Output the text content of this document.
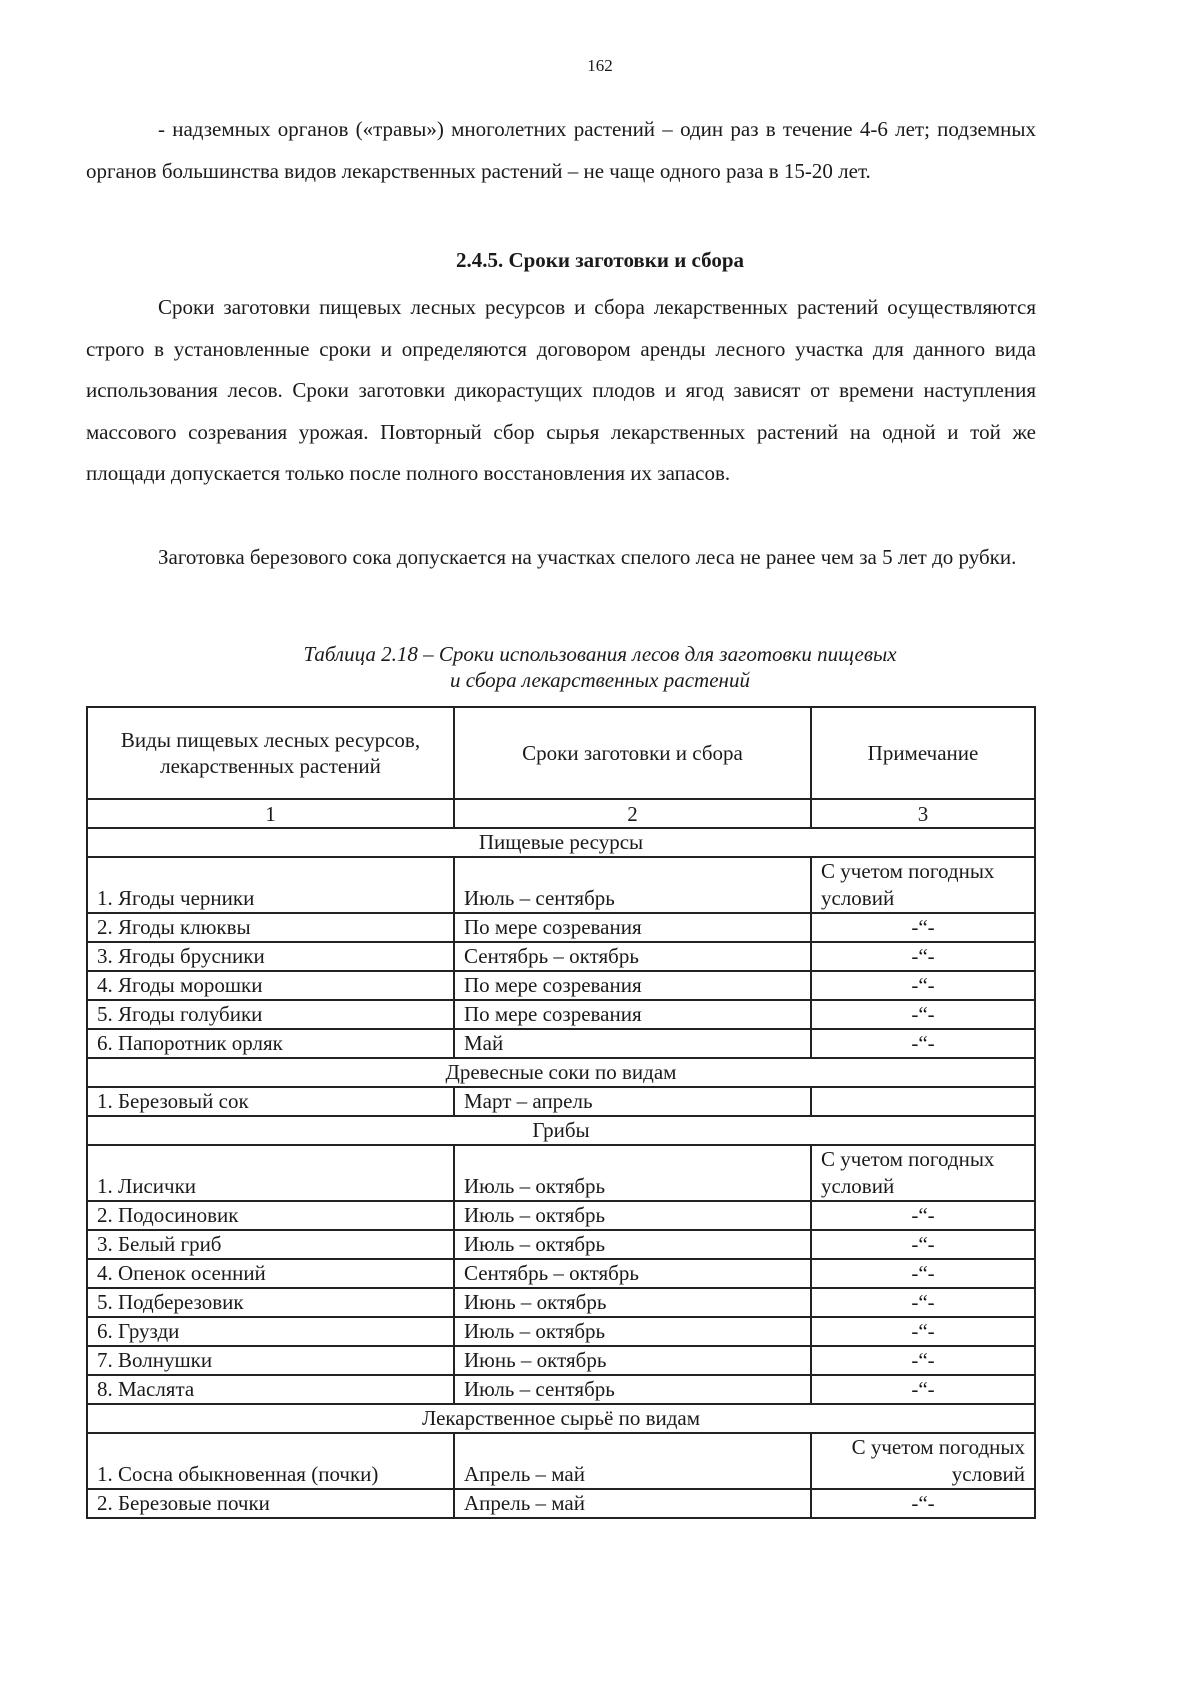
162

- надземных органов («травы») многолетних растений – один раз в течение 4-6 лет; подземных органов большинства видов лекарственных растений – не чаще одного раза в 15-20 лет.

2.4.5. Сроки заготовки и сбора

Сроки заготовки пищевых лесных ресурсов и сбора лекарственных растений осуществляются строго в установленные сроки и определяются договором аренды лесного участка для данного вида использования лесов. Сроки заготовки дикорастущих плодов и ягод зависят от времени наступления массового созревания урожая. Повторный сбор сырья лекарственных растений на одной и той же площади допускается только после полного восстановления их запасов.

Заготовка березового сока допускается на участках спелого леса не ранее чем за 5 лет до рубки.

Таблица 2.18 – Сроки использования лесов для заготовки пищевых
и сбора лекарственных растений
Виды пищевых лесных ресурсов, лекарственных растений	Сроки заготовки и сбора	Примечание
1	2	3
Пищевые ресурсы		
1. Ягоды черники	Июль – сентябрь	С учетом погодных условий
2. Ягоды клюквы	По мере созревания	-“-
3. Ягоды брусники	Сентябрь – октябрь	-“-
4. Ягоды морошки	По мере созревания	-“-
5. Ягоды голубики	По мере созревания	-“-
6. Папоротник орляк	Май	-“-
Древесные соки по видам		
1. Березовый сок	Март – апрель	
Грибы		
1. Лисички	Июль – октябрь	С учетом погодных условий
2. Подосиновик	Июль – октябрь	-“-
3. Белый гриб	Июль – октябрь	-“-
4. Опенок осенний	Сентябрь – октябрь	-“-
5. Подберезовик	Июнь – октябрь	-“-
6. Грузди	Июль – октябрь	-“-
7. Волнушки	Июнь – октябрь	-“-
8. Маслята	Июль – сентябрь	-“-
Лекарственное сырьё по видам		
1. Сосна обыкновенная (почки)	Апрель – май	С учетом погодных условий
2. Березовые почки	Апрель – май	-“-
